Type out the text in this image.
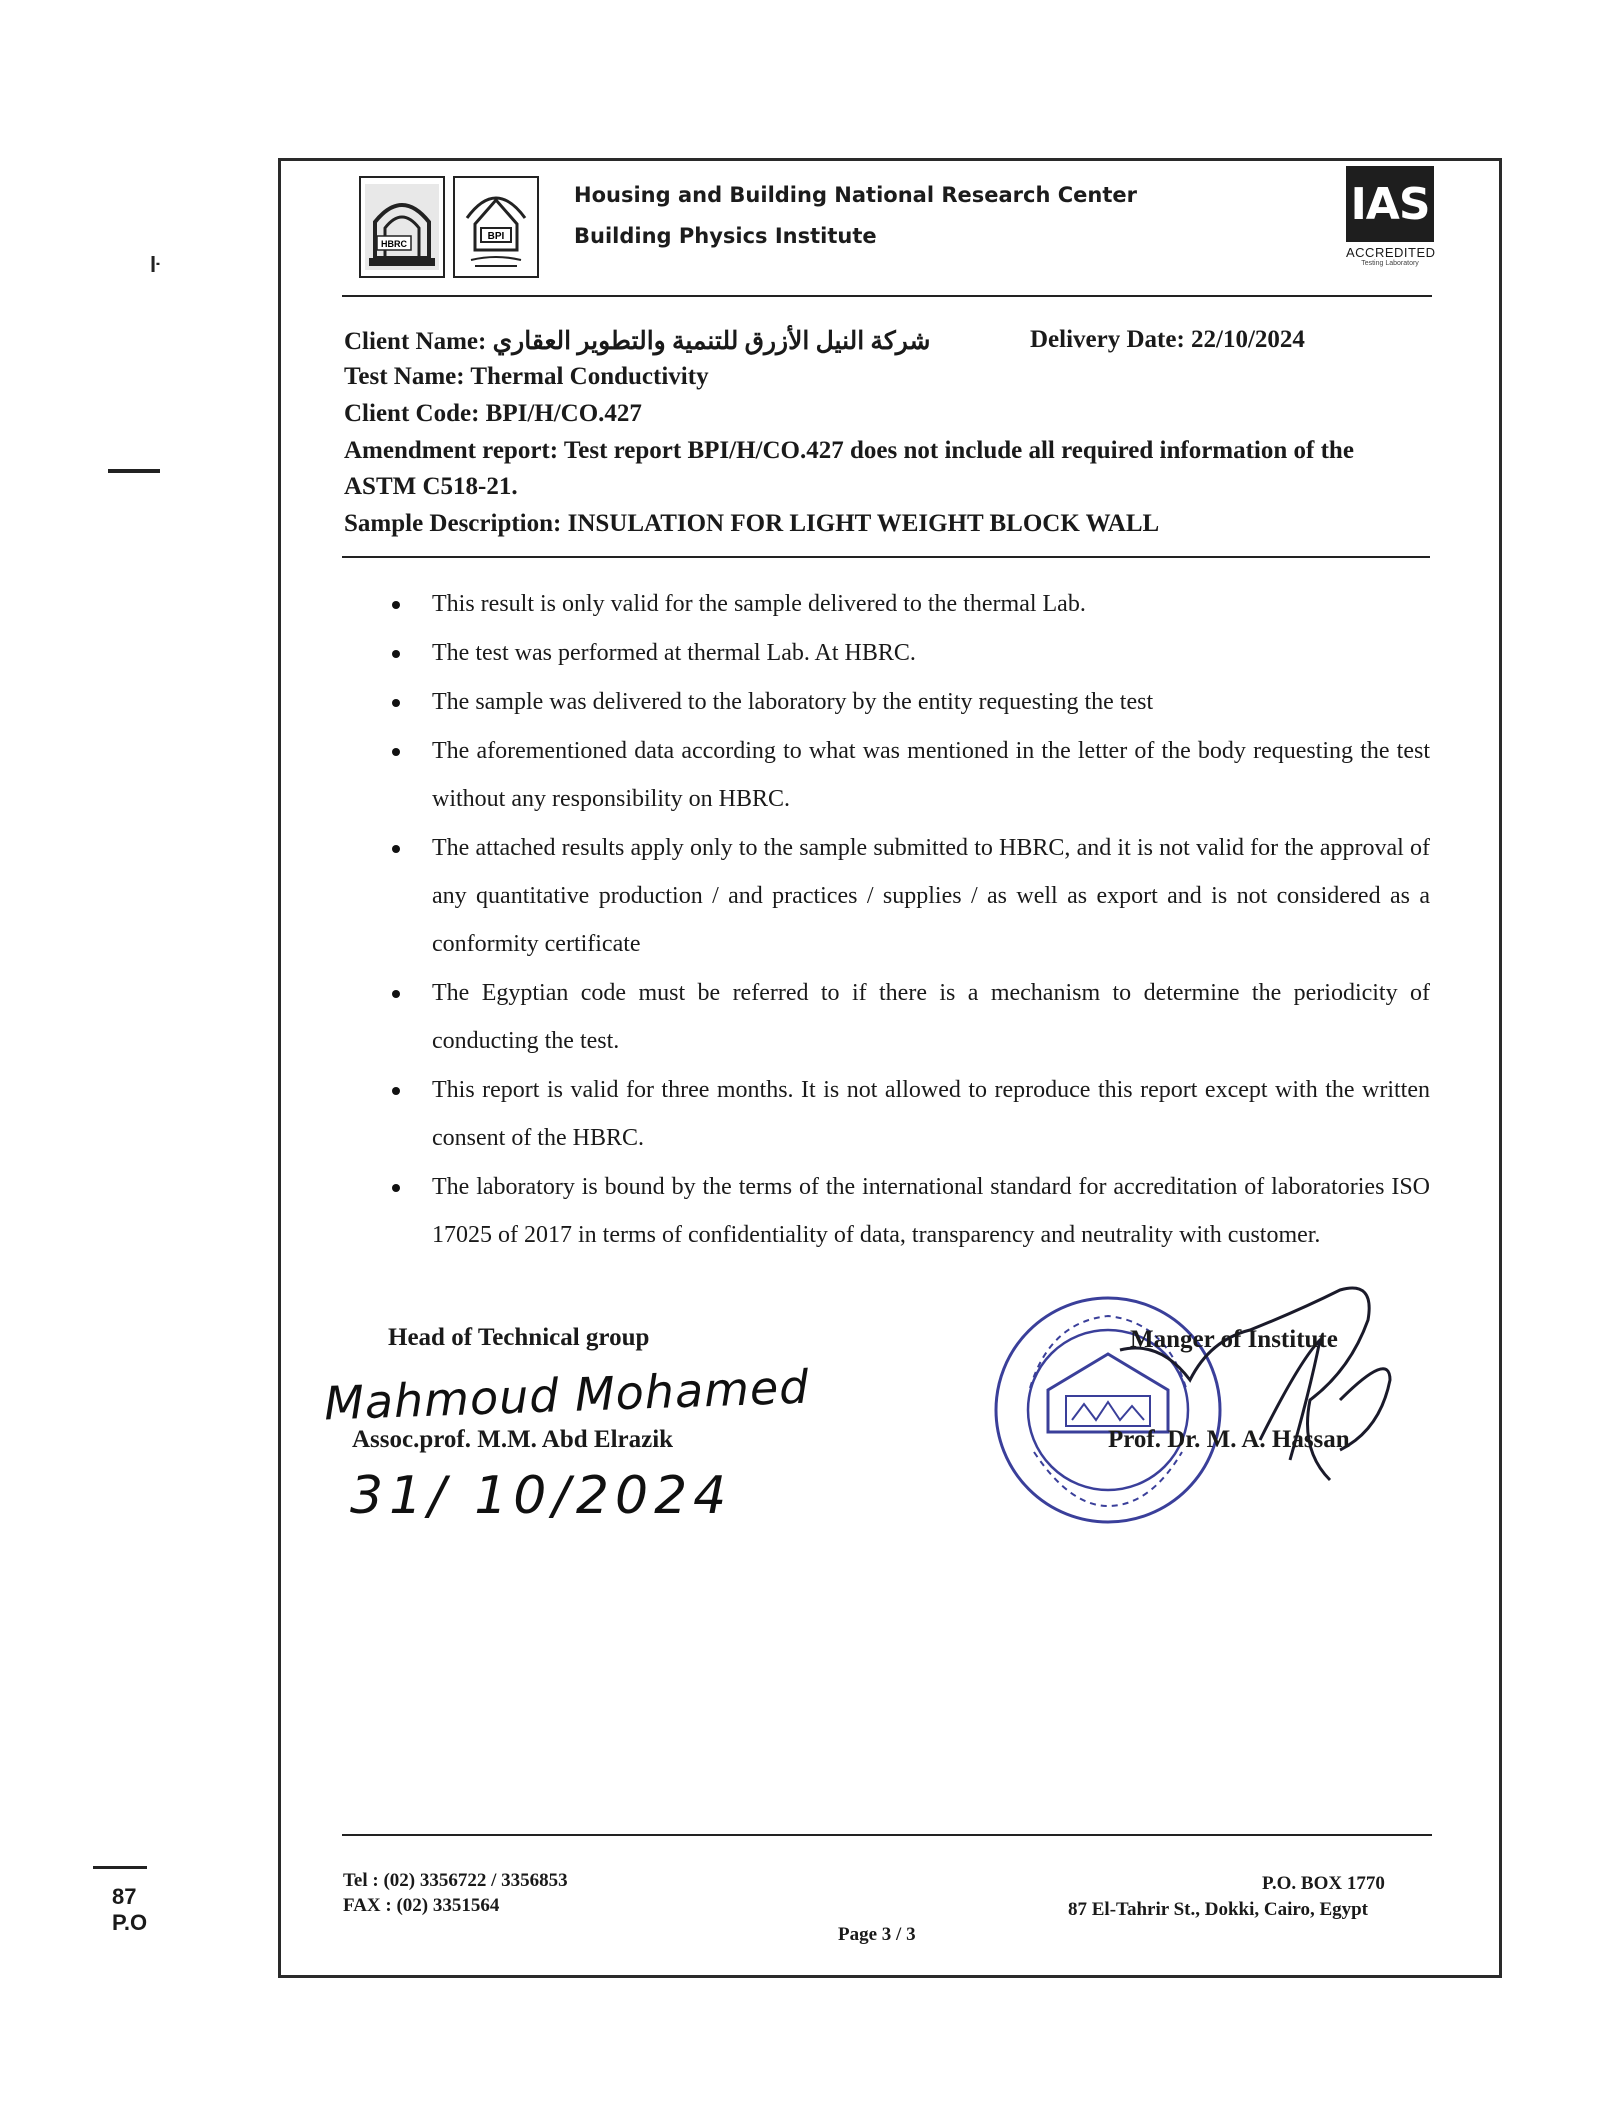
ŀ
87
P.O
HBRC
BPI
Housing and Building National Research Center
Building Physics Institute
IAS
ACCREDITED
Testing Laboratory
Client Name: شركة النيل الأزرق للتنمية والتطوير العقاري	Delivery Date: 22/10/2024
Test Name: Thermal Conductivity
Client Code: BPI/H/CO.427
Amendment report: Test report BPI/H/CO.427 does not include all required information of the
ASTM C518-21.
Sample Description: INSULATION FOR LIGHT WEIGHT BLOCK WALL
This result is only valid for the sample delivered to the thermal Lab.
The test was performed at thermal Lab. At HBRC.
The sample was delivered to the laboratory by the entity requesting the test
The aforementioned data according to what was mentioned in the letter of the body requesting the test without any responsibility on HBRC.
The attached results apply only to the sample submitted to HBRC, and it is not valid for the approval of any quantitative production / and practices / supplies / as well as export and is not considered as a conformity certificate
The Egyptian code must be referred to if there is a mechanism to determine the periodicity of conducting the test.
This report is valid for three months. It is not allowed to reproduce this report except with the written consent of the HBRC.
The laboratory is bound by the terms of the international standard for accreditation of laboratories ISO 17025 of 2017 in terms of confidentiality of data, transparency and neutrality with customer.
Head of Technical group
Mahmoud Mohamed
Assoc.prof. M.M. Abd Elrazik
31/ 10/2024
Manger of Institute
Prof. Dr. M. A. Hassan
Tel : (02) 3356722 / 3356853
FAX : (02) 3351564
P.O. BOX 1770
87 El-Tahrir St., Dokki, Cairo, Egypt
Page 3 / 3
